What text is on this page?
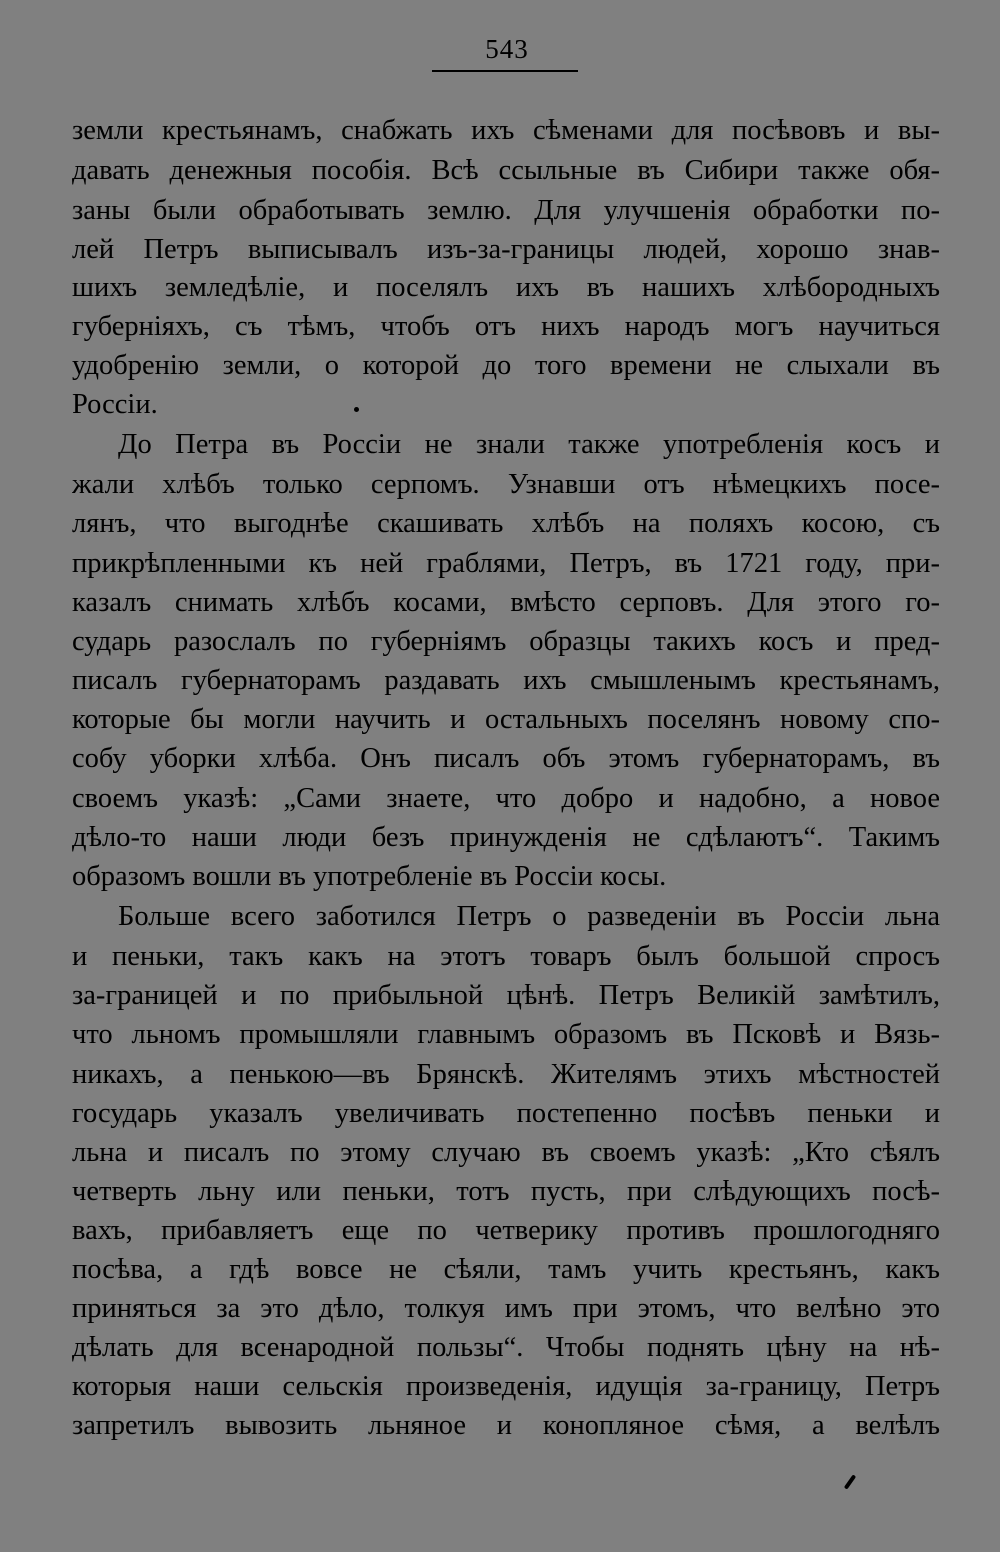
543
земли крестьянамъ, снабжать ихъ сѣменами для посѣвовъ и вы-
давать денежныя пособія. Всѣ ссыльные въ Сибири также обя-
заны были обработывать землю. Для улучшенія обработки по-
лей Петръ выписывалъ изъ-за-границы людей, хорошо знав-
шихъ земледѣліе, и поселялъ ихъ въ нашихъ хлѣбородныхъ
губерніяхъ, съ тѣмъ, чтобъ отъ нихъ народъ могъ научиться
удобренію земли, о которой до того времени не слыхали въ
Россіи.
До Петра въ Россіи не знали также употребленія косъ и
жали хлѣбъ только серпомъ. Узнавши отъ нѣмецкихъ посе-
лянъ, что выгоднѣе скашивать хлѣбъ на поляхъ косою, съ
прикрѣпленными къ ней граблями, Петръ, въ 1721 году, при-
казалъ снимать хлѣбъ косами, вмѣсто серповъ. Для этого го-
сударь разослалъ по губерніямъ образцы такихъ косъ и пред-
писалъ губернаторамъ раздавать ихъ смышленымъ крестьянамъ,
которые бы могли научить и остальныхъ поселянъ новому спо-
собу уборки хлѣба. Онъ писалъ объ этомъ губернаторамъ, въ
своемъ указѣ: „Сами знаете, что добро и надобно, а новое
дѣло-то наши люди безъ принужденія не сдѣлаютъ“. Такимъ
образомъ вошли въ употребленіе въ Россіи косы.
Больше всего заботился Петръ о разведеніи въ Россіи льна
и пеньки, такъ какъ на этотъ товаръ былъ большой спросъ
за-границей и по прибыльной цѣнѣ. Петръ Великій замѣтилъ,
что льномъ промышляли главнымъ образомъ въ Псковѣ и Вязь-
никахъ, а пенькою—въ Брянскѣ. Жителямъ этихъ мѣстностей
государь указалъ увеличивать постепенно посѣвъ пеньки и
льна и писалъ по этому случаю въ своемъ указѣ: „Кто сѣялъ
четверть льну или пеньки, тотъ пусть, при слѣдующихъ посѣ-
вахъ, прибавляетъ еще по четверику противъ прошлогодняго
посѣва, а гдѣ вовсе не сѣяли, тамъ учить крестьянъ, какъ
приняться за это дѣло, толкуя имъ при этомъ, что велѣно это
дѣлать для всенародной пользы“. Чтобы поднять цѣну на нѣ-
которыя наши сельскія произведенія, идущія за-границу, Петръ
запретилъ вывозить льняное и конопляное сѣмя, а велѣлъ
